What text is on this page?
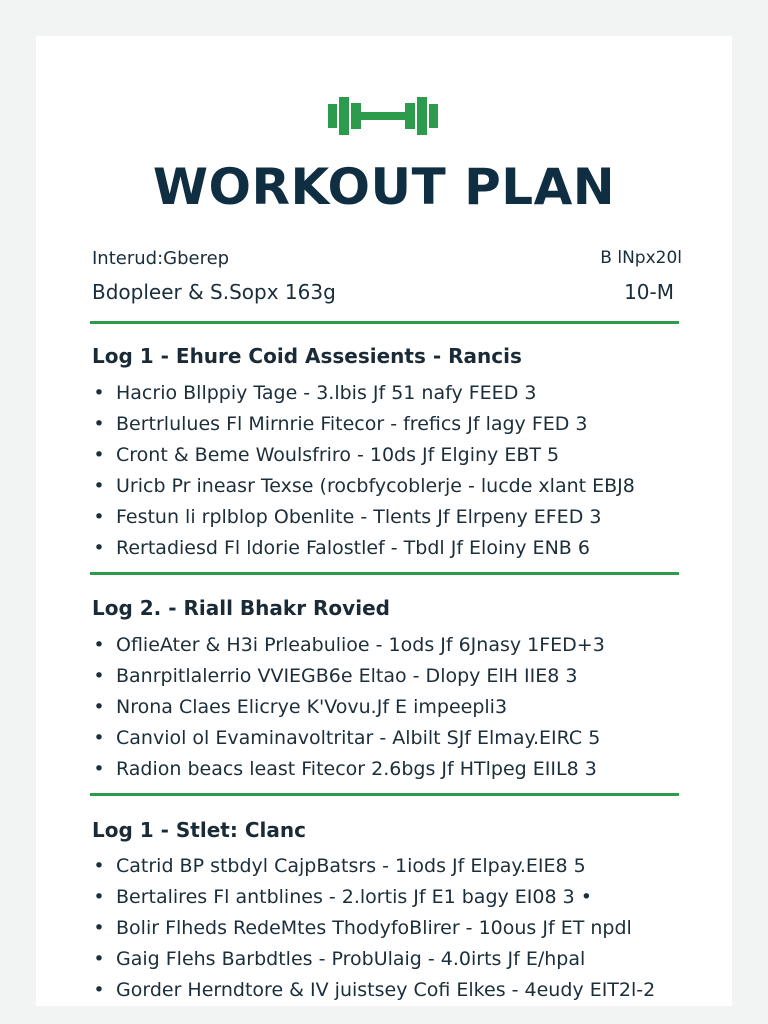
WORKOUT PLAN
Interud:Gberep
Bdopleer & S.Sopx 163g
B lNpx20l
10-M
Log 1 - Ehure Coid Assesients - Rancis
• Hacrio Bllppiy Tage - 3.lbis Jf 51 nafy FEED 3
• Bertrlulues Fl Mirnrie Fitecor - frefics Jf lagy FED 3
• Cront & Beme Woulsfriro - 10ds Jf Elginy EBT 5
• Uricb Pr ineasr Texse (rocbfycoblerje - lucde xlant EBJ8
• Festun li rplblop Obenlite - Tlents Jf Elrpeny EFED 3
• Rertadiesd Fl ldorie Falostlef - Tbdl Jf Eloiny ENB 6
Log 2. - Riall Bhakr Rovied
• OflieAter & H3i Prleabulioe - 1ods Jf 6Jnasy 1FED+3
• Banrpitlalerrio VVIEGB6e Eltao - Dlopy ElH IIE8 3
• Nrona Claes Elicrye K'Vovu.Jf E impeepli3
• Canviol ol Evaminavoltritar - Albilt SJf Elmay.EIRC 5
• Radion beacs least Fitecor 2.6bgs Jf HTlpeg EIIL8 3
Log 1 - Stlet: Clanc
• Catrid BP stbdyl CajpBatsrs - 1iods Jf Elpay.EIE8 5
• Bertalires Fl antblines - 2.lortis Jf E1 bagy EI08 3 •
• Bolir Flheds RedeMtes ThodyfoBlirer - 10ous Jf ET npdl
• Gaig Flehs Barbdtles - ProbUlaig - 4.0irts Jf E/hpal
• Gorder Herndtore & IV juistsey Cofi Elkes - 4eudy EIT2l-2
